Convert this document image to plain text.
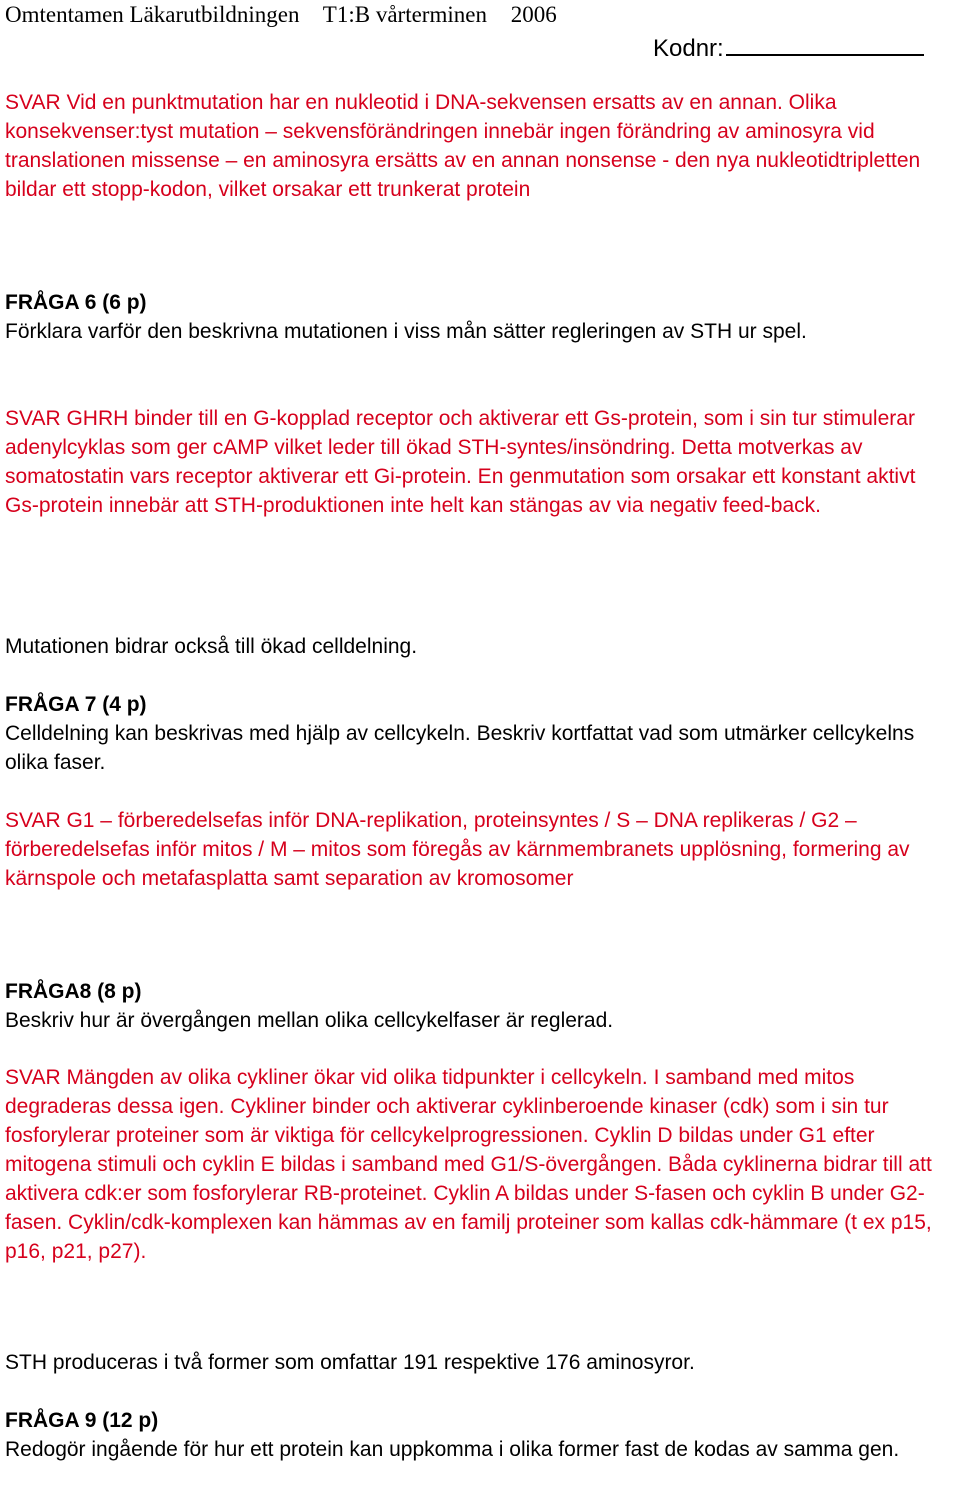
Omtentamen Läkarutbildningen T1:B vårterminen 2006
Kodnr:

SVAR Vid en punktmutation har en nukleotid i DNA-sekvensen ersatts av en annan. Olika konsekvenser:tyst mutation – sekvensförändringen innebär ingen förändring av aminosyra vid translationen missense – en aminosyra ersätts av en annan nonsense - den nya nukleotidtripletten bildar ett stopp-kodon, vilket orsakar ett trunkerat protein

FRÅGA 6 (6 p)
Förklara varför den beskrivna mutationen i viss mån sätter regleringen av STH ur spel.
SVAR GHRH binder till en G-kopplad receptor och aktiverar ett Gs-protein, som i sin tur stimulerar adenylcyklas som ger cAMP vilket leder till ökad STH-syntes/insöndring. Detta motverkas av somatostatin vars receptor aktiverar ett Gi-protein. En genmutation som orsakar ett konstant aktivt Gs-protein innebär att STH-produktionen inte helt kan stängas av via negativ feed-back.
Mutationen bidrar också till ökad celldelning.
FRÅGA 7 (4 p)
Celldelning kan beskrivas med hjälp av cellcykeln. Beskriv kortfattat vad som utmärker cellcykelns olika faser.
SVAR G1 – förberedelsefas inför DNA-replikation, proteinsyntes / S – DNA replikeras / G2 – förberedelsefas inför mitos / M – mitos som föregås av kärnmembranets upplösning, formering av kärnspole och metafasplatta samt separation av kromosomer
FRÅGA8 (8 p)
Beskriv hur är övergången mellan olika cellcykelfaser är reglerad.
SVAR Mängden av olika cykliner ökar vid olika tidpunkter i cellcykeln. I samband med mitos degraderas dessa igen. Cykliner binder och aktiverar cyklinberoende kinaser (cdk) som i sin tur fosforylerar proteiner som är viktiga för cellcykelprogressionen. Cyklin D bildas under G1 efter mitogena stimuli och cyklin E bildas i samband med G1/S-övergången. Båda cyklinerna bidrar till att aktivera cdk:er som fosforylerar RB-proteinet. Cyklin A bildas under S-fasen och cyklin B under G2-fasen. Cyklin/cdk-komplexen kan hämmas av en familj proteiner som kallas cdk-hämmare (t ex p15, p16, p21, p27).
STH produceras i två former som omfattar 191 respektive 176 aminosyror.
FRÅGA 9 (12 p)
Redogör ingående för hur ett protein kan uppkomma i olika former fast de kodas av samma gen.
